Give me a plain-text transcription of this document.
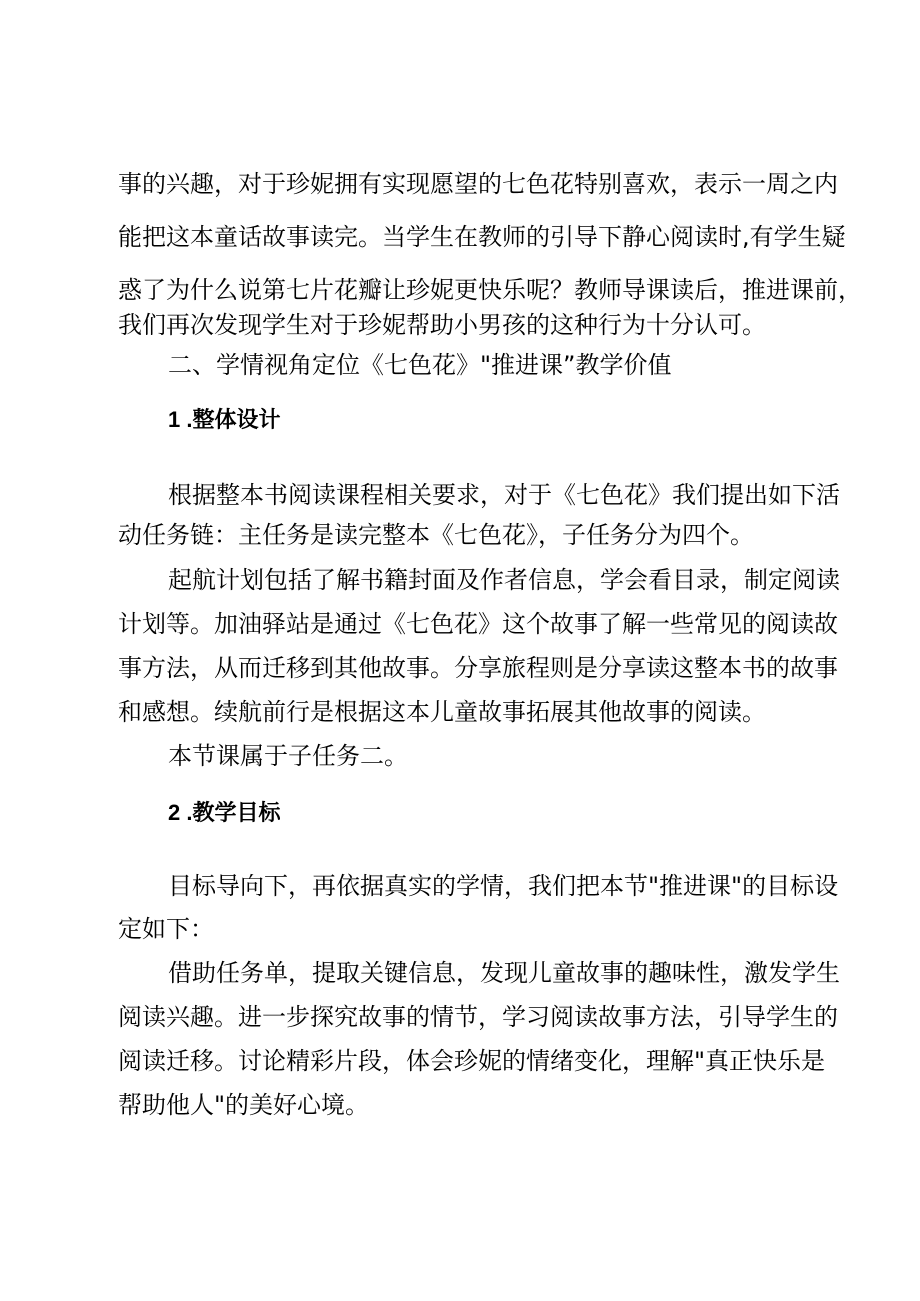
事的兴趣，对于珍妮拥有实现愿望的七色花特别喜欢，表示一周之内
能把这本童话故事读完。当学生在教师的引导下静心阅读时,有学生疑
惑了为什么说第七片花瓣让珍妮更快乐呢？教师导课读后，推进课前，
我们再次发现学生对于珍妮帮助小男孩的这种行为十分认可。
二、学情视角定位《七色花》"推进课”教学价值
1 .整体设计
根据整本书阅读课程相关要求，对于《七色花》我们提出如下活
动任务链：主任务是读完整本《七色花》，子任务分为四个。
起航计划包括了解书籍封面及作者信息，学会看目录，制定阅读
计划等。加油驿站是通过《七色花》这个故事了解一些常见的阅读故
事方法，从而迁移到其他故事。分享旅程则是分享读这整本书的故事
和感想。续航前行是根据这本儿童故事拓展其他故事的阅读。
本节课属于子任务二。
2 .教学目标
目标导向下，再依据真实的学情，我们把本节"推进课"的目标设
定如下：
借助任务单，提取关键信息，发现儿童故事的趣味性，激发学生
阅读兴趣。进一步探究故事的情节，学习阅读故事方法，引导学生的
阅读迁移。讨论精彩片段，体会珍妮的情绪变化，理解"真正快乐是
帮助他人"的美好心境。
